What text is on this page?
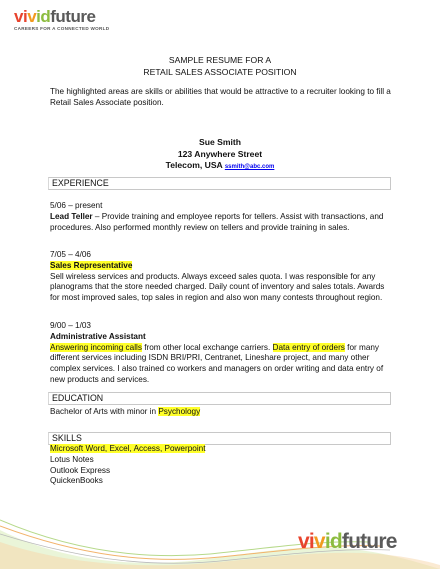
vividfuture
CAREERS FOR A CONNECTED WORLD
SAMPLE RESUME FOR A
RETAIL SALES ASSOCIATE POSITION
The highlighted areas are skills or abilities that would be attractive to a recruiter looking to fill a Retail Sales Associate position.
Sue Smith
123 Anywhere Street
Telecom, USA ssmith@abc.com
EXPERIENCE
5/06 – present
Lead Teller – Provide training and employee reports for tellers. Assist with transactions, and procedures. Also performed monthly review on tellers and provide training in sales.
7/05 – 4/06
Sales Representative
Sell wireless services and products. Always exceed sales quota. I was responsible for any planograms that the store needed charged. Daily count of inventory and sales totals. Awards for most improved sales, top sales in region and also won many contests throughout region.
9/00 – 1/03
Administrative Assistant
Answering incoming calls from other local exchange carriers. Data entry of orders for many different services including ISDN BRI/PRI, Centranet, Lineshare project, and many other complex services. I also trained co workers and managers on order writing and data entry of new products and services.
EDUCATION
Bachelor of Arts with minor in Psychology
SKILLS
Microsoft Word, Excel, Access, Powerpoint
Lotus Notes
Outlook Express
QuickenBooks
vividfuture
